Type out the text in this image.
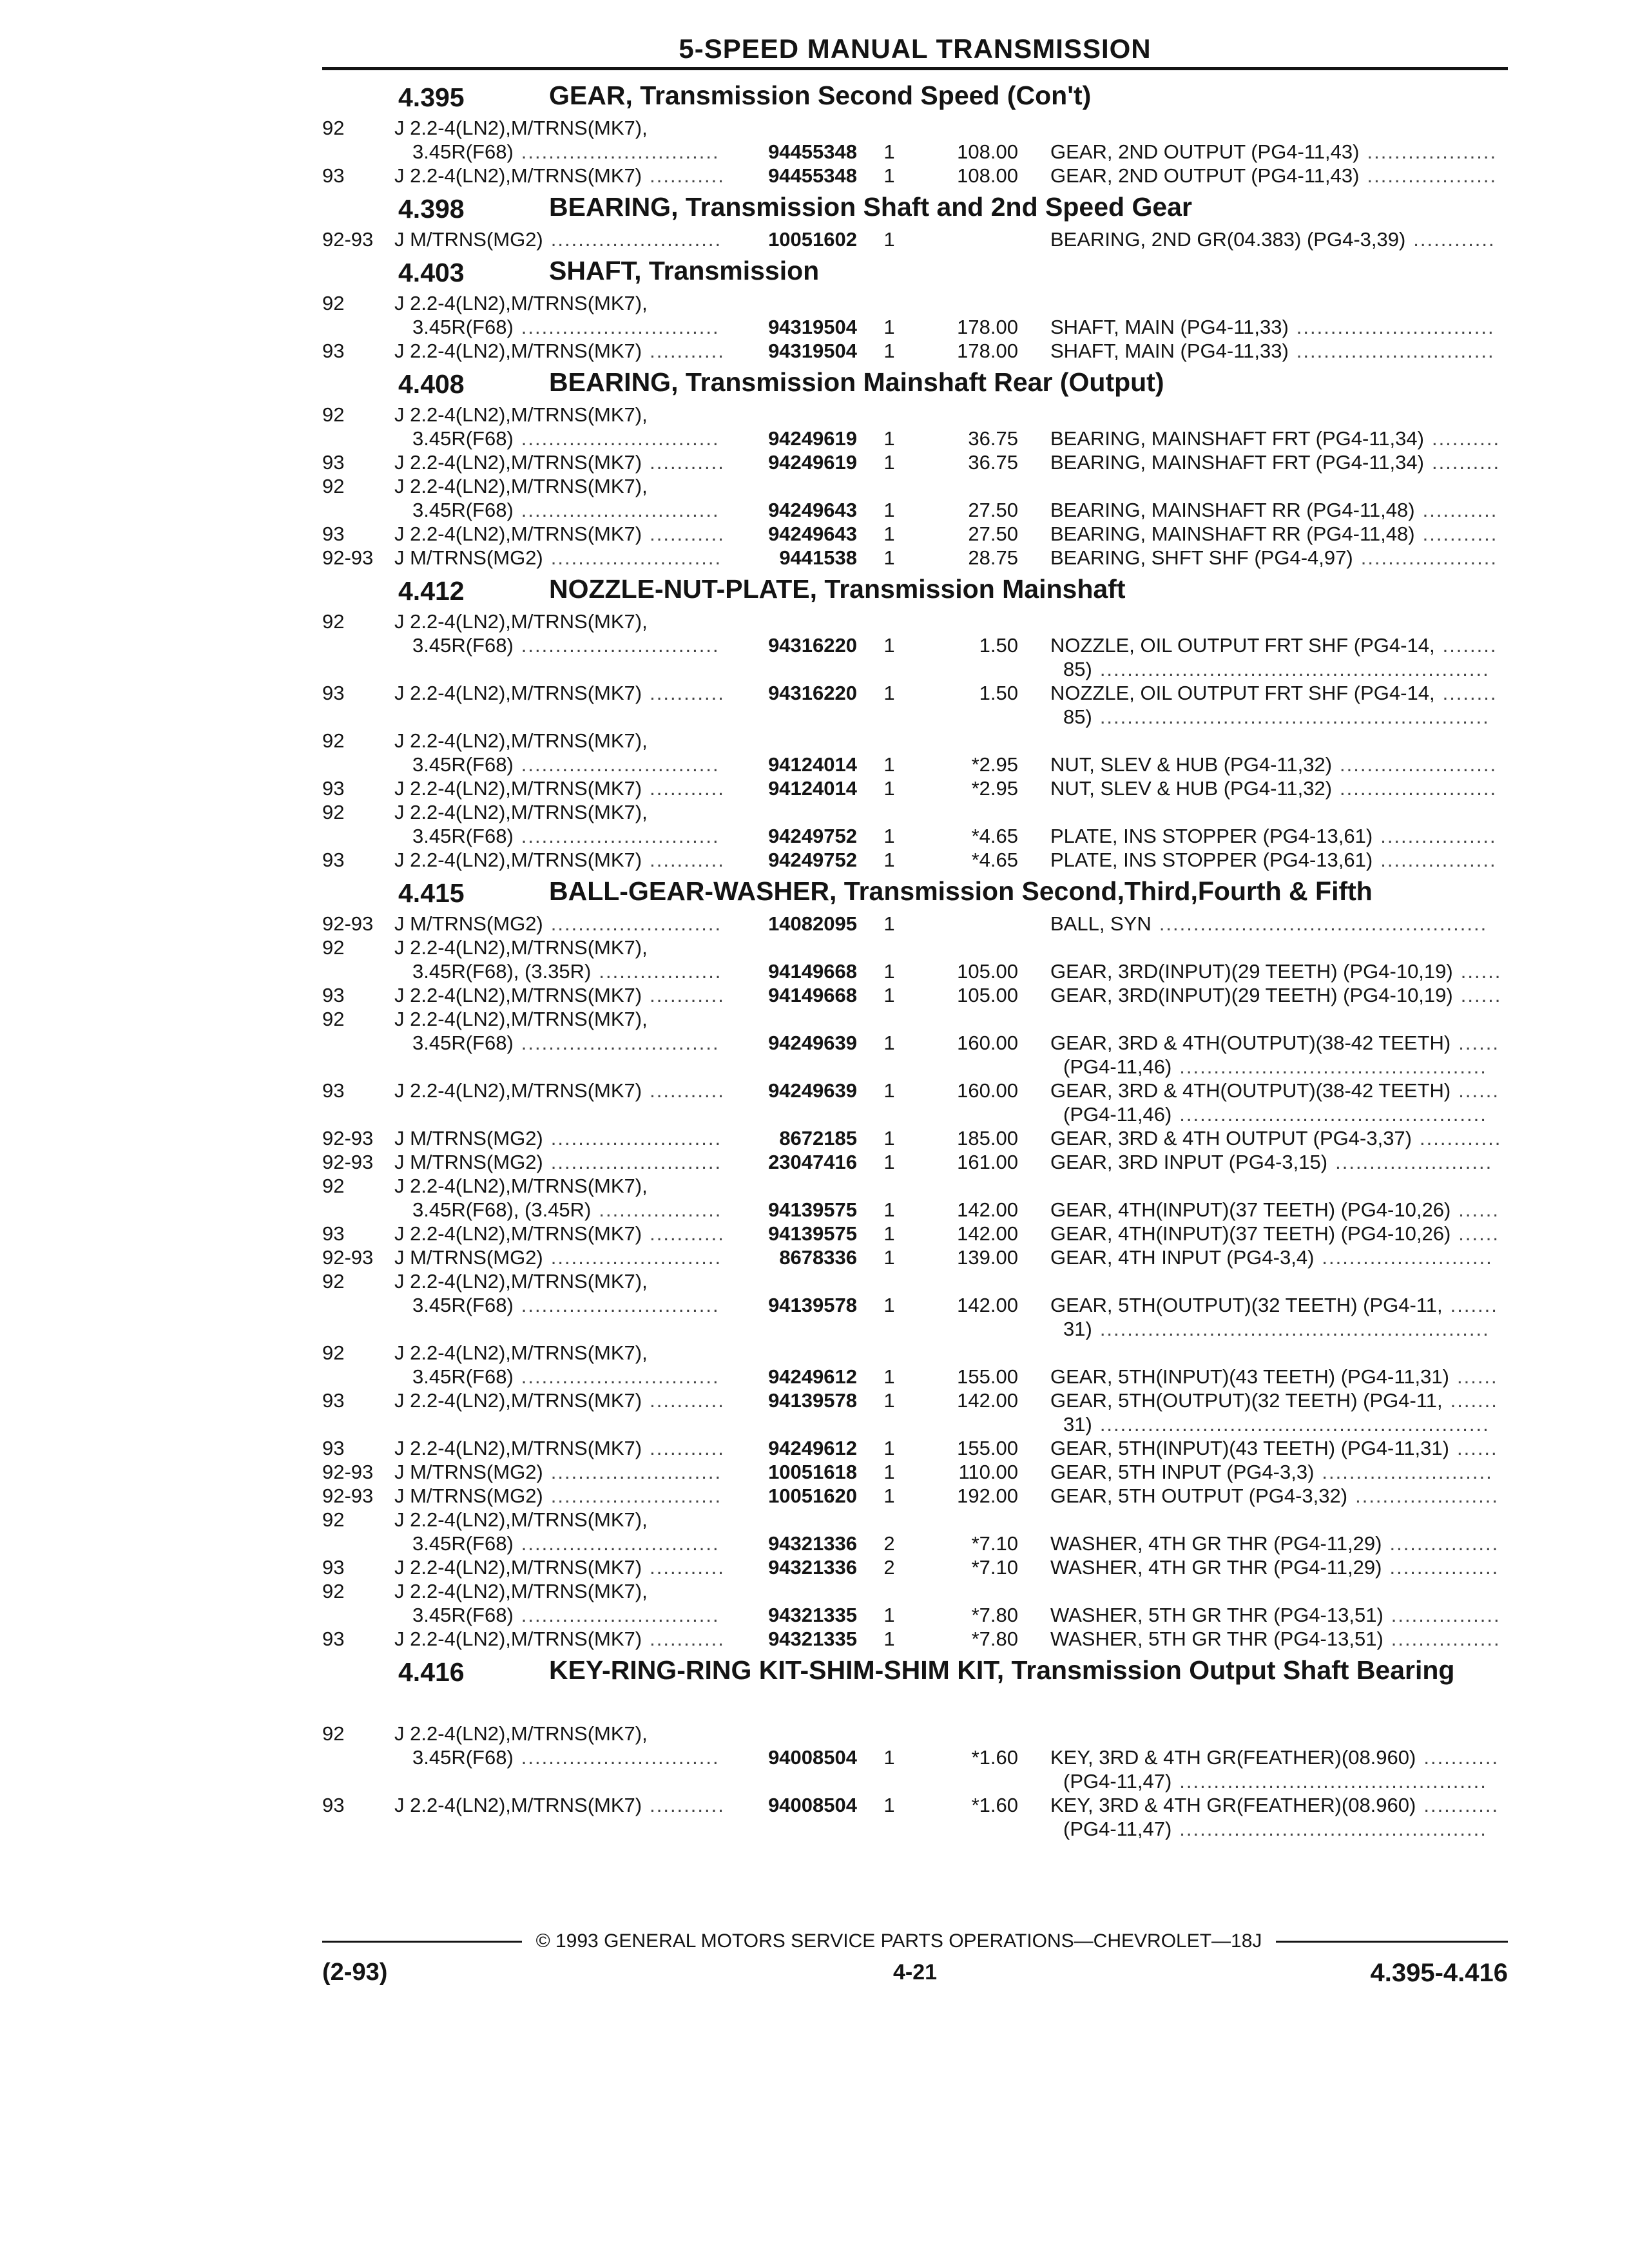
5-SPEED MANUAL TRANSMISSION
4.395	GEAR, Transmission Second Speed (Con't)
92	J 2.2-4(LN2),M/TRNS(MK7),
3.45R(F68) .............................	94455348	1	108.00 GEAR, 2ND OUTPUT (PG4-11,43) ...................
93	J 2.2-4(LN2),M/TRNS(MK7) ...........	94455348	1	108.00 GEAR, 2ND OUTPUT (PG4-11,43) ...................
4.398	BEARING, Transmission Shaft and 2nd Speed Gear
92-93 J M/TRNS(MG2) .........................	10051602	1	BEARING, 2ND GR(04.383) (PG4-3,39) ............
4.403	SHAFT, Transmission
92	J 2.2-4(LN2),M/TRNS(MK7),
3.45R(F68) .............................	94319504	1	178.00 SHAFT, MAIN (PG4-11,33) .............................
93	J 2.2-4(LN2),M/TRNS(MK7) ...........	94319504	1	178.00 SHAFT, MAIN (PG4-11,33) .............................
4.408	BEARING, Transmission Mainshaft Rear (Output)
92	J 2.2-4(LN2),M/TRNS(MK7),
3.45R(F68) .............................	94249619	1	36.75 BEARING, MAINSHAFT FRT (PG4-11,34) ..........
93	J 2.2-4(LN2),M/TRNS(MK7) ...........	94249619	1	36.75 BEARING, MAINSHAFT FRT (PG4-11,34) ..........
92	J 2.2-4(LN2),M/TRNS(MK7),
3.45R(F68) .............................	94249643	1	27.50 BEARING, MAINSHAFT RR (PG4-11,48) ...........
93	J 2.2-4(LN2),M/TRNS(MK7) ...........	94249643	1	27.50 BEARING, MAINSHAFT RR (PG4-11,48) ...........
92-93 J M/TRNS(MG2) .........................	9441538	1	28.75 BEARING, SHFT SHF (PG4-4,97) ....................
4.412	NOZZLE-NUT-PLATE, Transmission Mainshaft
92	J 2.2-4(LN2),M/TRNS(MK7),
3.45R(F68) .............................	94316220	1	1.50 NOZZLE, OIL OUTPUT FRT SHF (PG4-14, ........
85) .........................................................
93	J 2.2-4(LN2),M/TRNS(MK7) ...........	94316220	1	1.50 NOZZLE, OIL OUTPUT FRT SHF (PG4-14, ........
85) .........................................................
92	J 2.2-4(LN2),M/TRNS(MK7),
3.45R(F68) .............................	94124014	1	*2.95 NUT, SLEV & HUB (PG4-11,32) .......................
93	J 2.2-4(LN2),M/TRNS(MK7) ...........	94124014	1	*2.95 NUT, SLEV & HUB (PG4-11,32) .......................
92	J 2.2-4(LN2),M/TRNS(MK7),
3.45R(F68) .............................	94249752	1	*4.65 PLATE, INS STOPPER (PG4-13,61) .................
93	J 2.2-4(LN2),M/TRNS(MK7) ...........	94249752	1	*4.65 PLATE, INS STOPPER (PG4-13,61) .................
4.415	BALL-GEAR-WASHER, Transmission Second,Third,Fourth & Fifth
92-93 J M/TRNS(MG2) .........................	14082095	1	BALL, SYN ................................................
92	J 2.2-4(LN2),M/TRNS(MK7),
3.45R(F68), (3.35R) ..................	94149668	1	105.00 GEAR, 3RD(INPUT)(29 TEETH) (PG4-10,19) ......
93	J 2.2-4(LN2),M/TRNS(MK7) ...........	94149668	1	105.00 GEAR, 3RD(INPUT)(29 TEETH) (PG4-10,19) ......
92	J 2.2-4(LN2),M/TRNS(MK7),
3.45R(F68) .............................	94249639	1	160.00 GEAR, 3RD & 4TH(OUTPUT)(38-42 TEETH) ......
(PG4-11,46) .............................................
93	J 2.2-4(LN2),M/TRNS(MK7) ...........	94249639	1	160.00 GEAR, 3RD & 4TH(OUTPUT)(38-42 TEETH) ......
(PG4-11,46) .............................................
92-93 J M/TRNS(MG2) .........................	8672185	1	185.00 GEAR, 3RD & 4TH OUTPUT (PG4-3,37) ............
92-93 J M/TRNS(MG2) .........................	23047416	1	161.00 GEAR, 3RD INPUT (PG4-3,15) .......................
92	J 2.2-4(LN2),M/TRNS(MK7),
3.45R(F68), (3.45R) ..................	94139575	1	142.00 GEAR, 4TH(INPUT)(37 TEETH) (PG4-10,26) ......
93	J 2.2-4(LN2),M/TRNS(MK7) ...........	94139575	1	142.00 GEAR, 4TH(INPUT)(37 TEETH) (PG4-10,26) ......
92-93 J M/TRNS(MG2) .........................	8678336	1	139.00 GEAR, 4TH INPUT (PG4-3,4) .........................
92	J 2.2-4(LN2),M/TRNS(MK7),
3.45R(F68) .............................	94139578	1	142.00 GEAR, 5TH(OUTPUT)(32 TEETH) (PG4-11, .......
31) .........................................................
92	J 2.2-4(LN2),M/TRNS(MK7),
3.45R(F68) .............................	94249612	1	155.00 GEAR, 5TH(INPUT)(43 TEETH) (PG4-11,31) ......
93	J 2.2-4(LN2),M/TRNS(MK7) ...........	94139578	1	142.00 GEAR, 5TH(OUTPUT)(32 TEETH) (PG4-11, .......
31) .........................................................
93	J 2.2-4(LN2),M/TRNS(MK7) ...........	94249612	1	155.00 GEAR, 5TH(INPUT)(43 TEETH) (PG4-11,31) ......
92-93 J M/TRNS(MG2) .........................	10051618	1	110.00 GEAR, 5TH INPUT (PG4-3,3) .........................
92-93 J M/TRNS(MG2) .........................	10051620	1	192.00 GEAR, 5TH OUTPUT (PG4-3,32) .....................
92	J 2.2-4(LN2),M/TRNS(MK7),
3.45R(F68) .............................	94321336	2	*7.10 WASHER, 4TH GR THR (PG4-11,29) ................
93	J 2.2-4(LN2),M/TRNS(MK7) ...........	94321336	2	*7.10 WASHER, 4TH GR THR (PG4-11,29) ................
92	J 2.2-4(LN2),M/TRNS(MK7),
3.45R(F68) .............................	94321335	1	*7.80 WASHER, 5TH GR THR (PG4-13,51) ................
93	J 2.2-4(LN2),M/TRNS(MK7) ...........	94321335	1	*7.80 WASHER, 5TH GR THR (PG4-13,51) ................
4.416	KEY-RING-RING KIT-SHIM-SHIM KIT, Transmission Output Shaft Bearing
92	J 2.2-4(LN2),M/TRNS(MK7),
3.45R(F68) .............................	94008504	1	*1.60 KEY, 3RD & 4TH GR(FEATHER)(08.960) ...........
(PG4-11,47) .............................................
93	J 2.2-4(LN2),M/TRNS(MK7) ...........	94008504	1	*1.60 KEY, 3RD & 4TH GR(FEATHER)(08.960) ...........
(PG4-11,47) .............................................
© 1993 GENERAL MOTORS SERVICE PARTS OPERATIONS—CHEVROLET—18J
(2-93)	4-21	4.395-4.416
